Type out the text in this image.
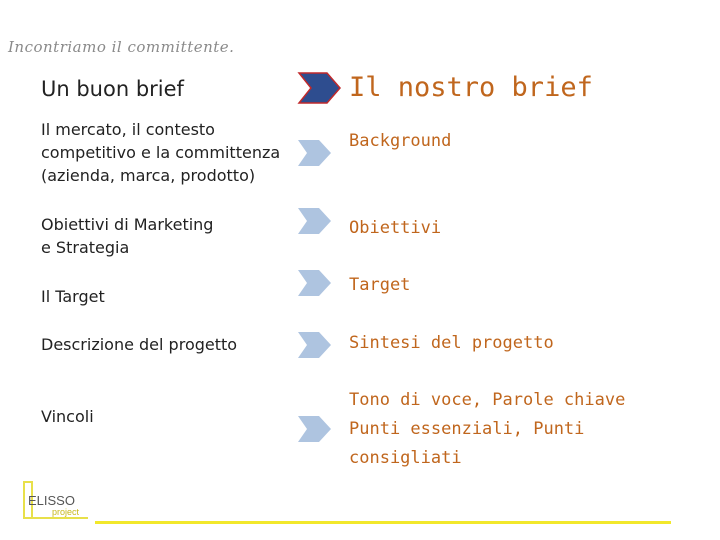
Incontriamo il committente.
Un buon brief	Il nostro brief
Il mercato, il contesto
competitivo e la committenza
(azienda, marca, prodotto)
Background
Obiettivi di Marketing
e Strategia
Obiettivi
Il Target
Target
Descrizione del progetto	Sintesi del progetto
Vincoli
Tono di voce, Parole chiave
Punti essenziali, Punti
consigliati
ELISSO
project
